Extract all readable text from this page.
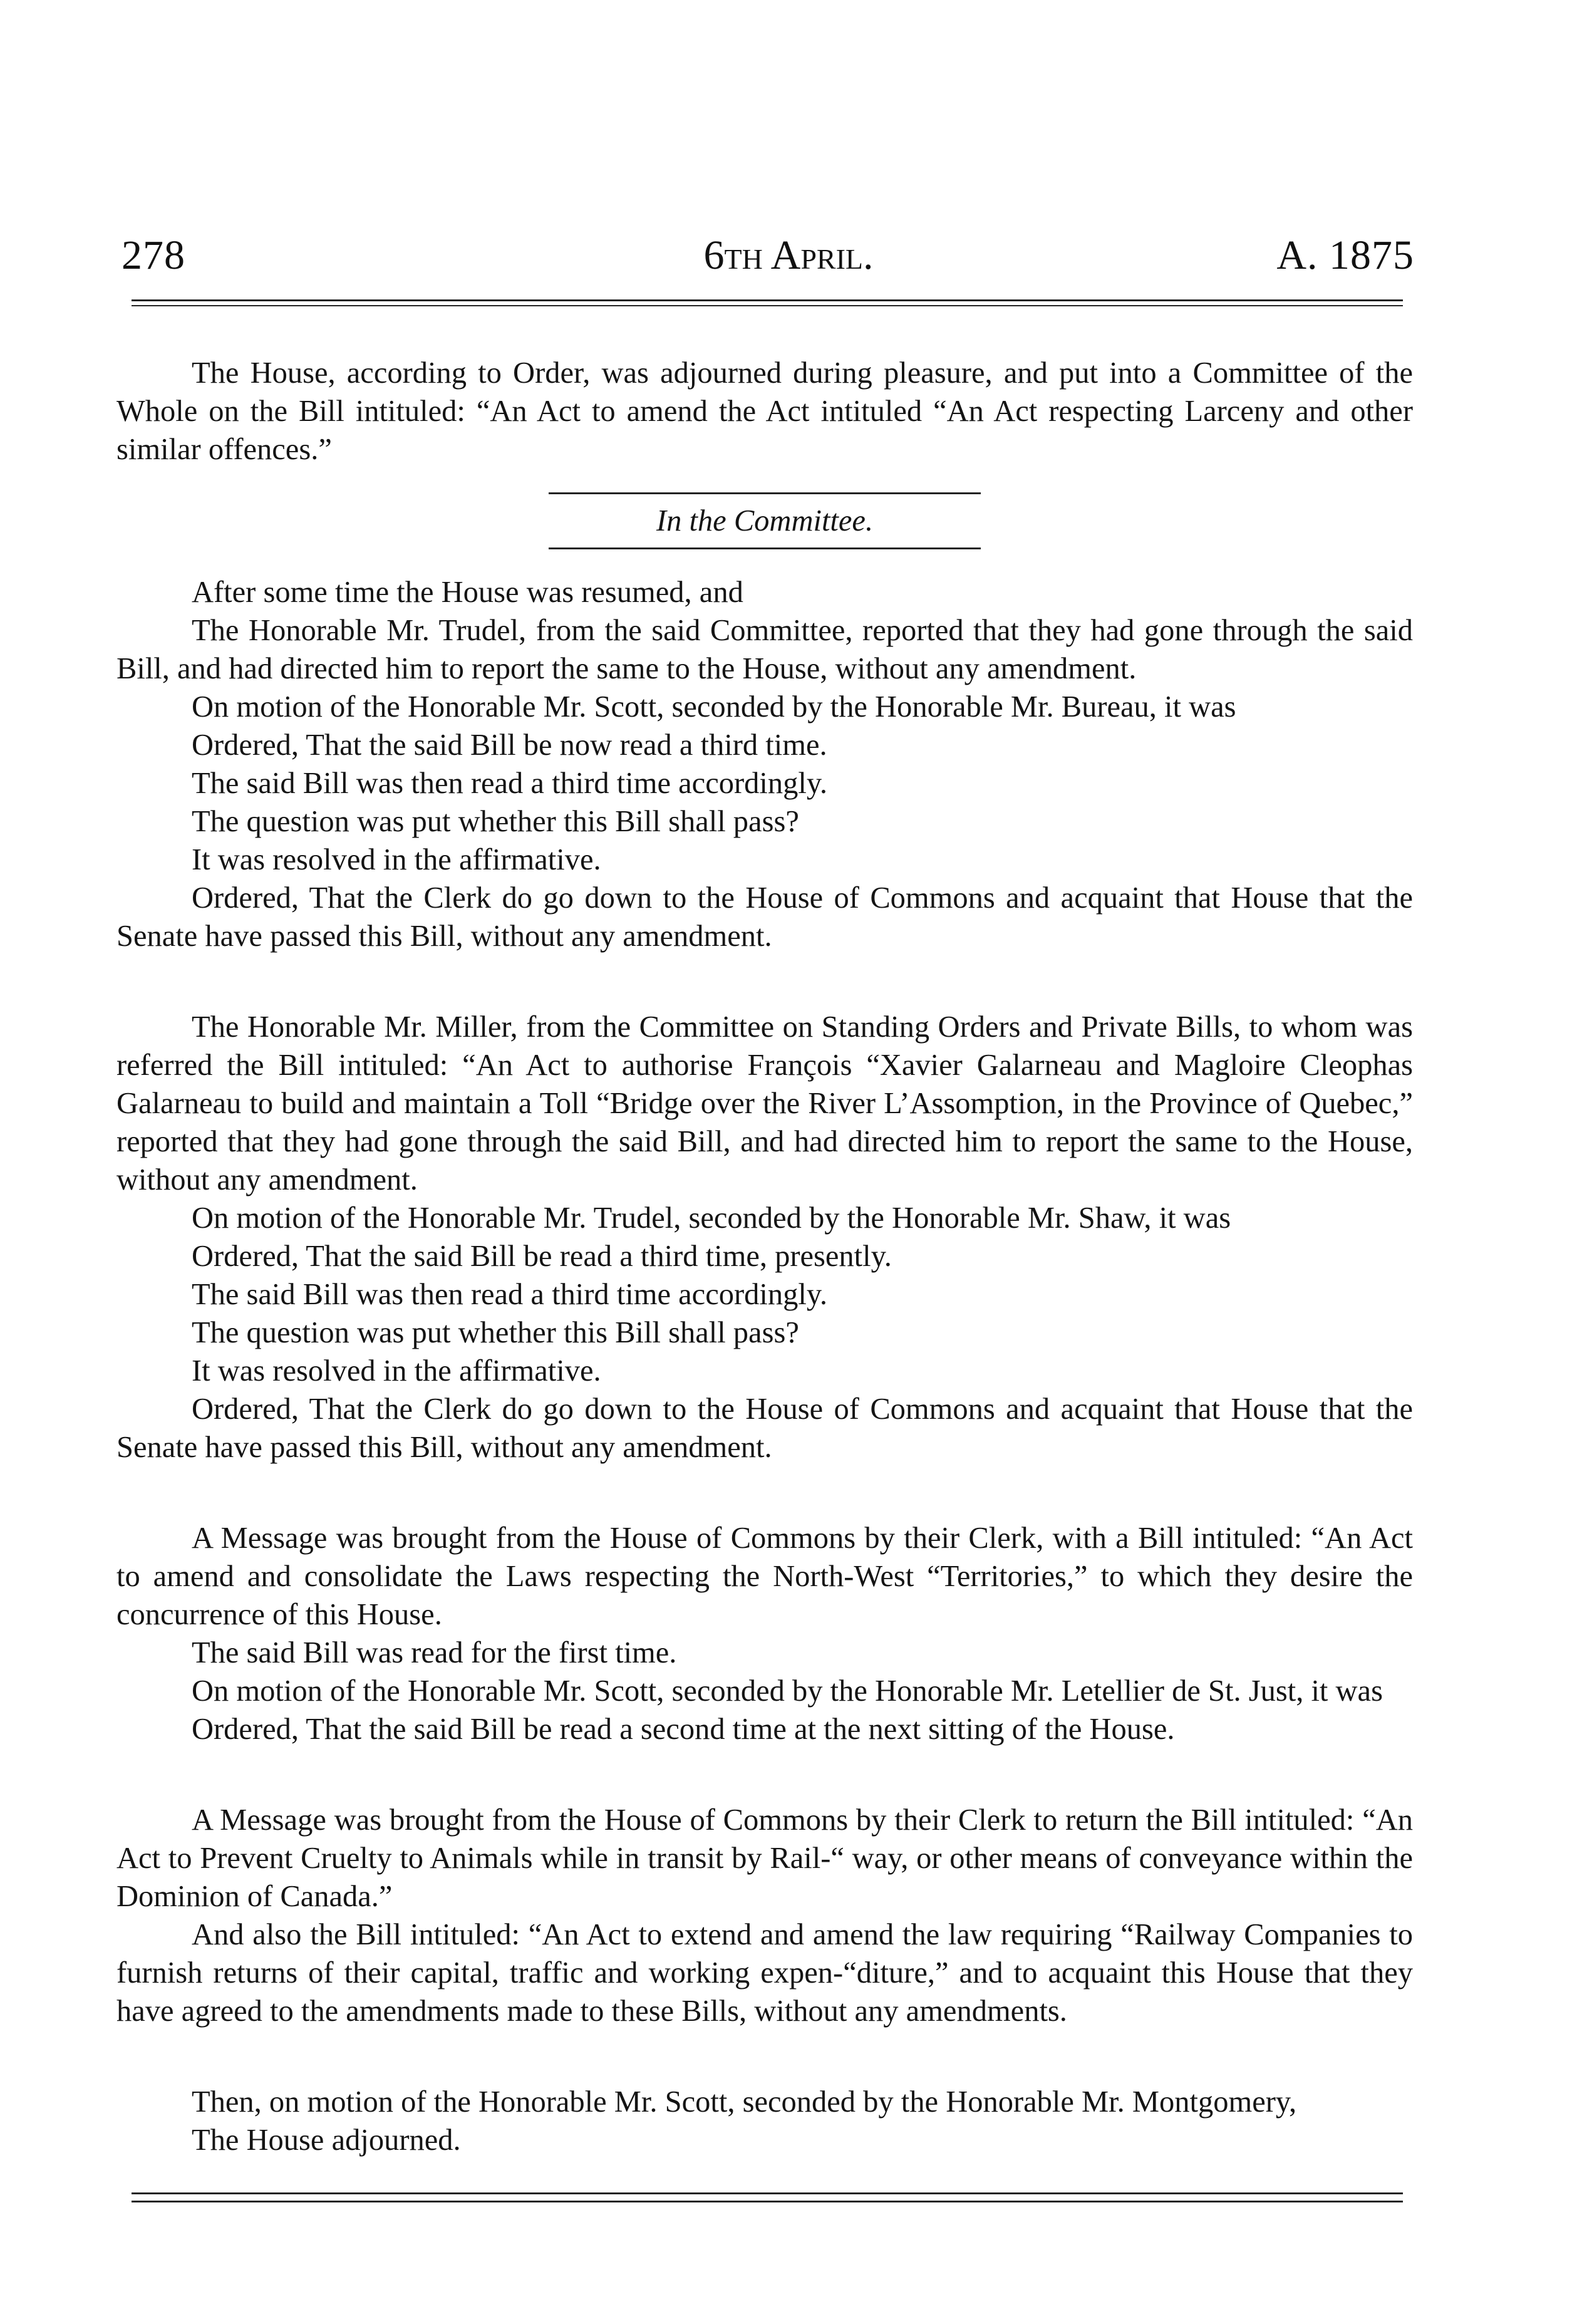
278	6th April.	A. 1875

The House, according to Order, was adjourned during pleasure, and put into a Committee of the Whole on the Bill intituled: “An Act to amend the Act intituled “An Act respecting Larceny and other similar offences.”

In the Committee.

After some time the House was resumed, and

The Honorable Mr. Trudel, from the said Committee, reported that they had gone through the said Bill, and had directed him to report the same to the House, without any amendment.

On motion of the Honorable Mr. Scott, seconded by the Honorable Mr. Bureau, it was

Ordered, That the said Bill be now read a third time.

The said Bill was then read a third time accordingly.

The question was put whether this Bill shall pass?

It was resolved in the affirmative.

Ordered, That the Clerk do go down to the House of Commons and acquaint that House that the Senate have passed this Bill, without any amendment.

The Honorable Mr. Miller, from the Committee on Standing Orders and Private Bills, to whom was referred the Bill intituled: “An Act to authorise François “Xavier Galarneau and Magloire Cleophas Galarneau to build and maintain a Toll “Bridge over the River L’Assomption, in the Province of Quebec,” reported that they had gone through the said Bill, and had directed him to report the same to the House, without any amendment.

On motion of the Honorable Mr. Trudel, seconded by the Honorable Mr. Shaw, it was

Ordered, That the said Bill be read a third time, presently.

The said Bill was then read a third time accordingly.

The question was put whether this Bill shall pass?

It was resolved in the affirmative.

Ordered, That the Clerk do go down to the House of Commons and acquaint that House that the Senate have passed this Bill, without any amendment.

A Message was brought from the House of Commons by their Clerk, with a Bill intituled: “An Act to amend and consolidate the Laws respecting the North-West “Territories,” to which they desire the concurrence of this House.

The said Bill was read for the first time.

On motion of the Honorable Mr. Scott, seconded by the Honorable Mr. Letellier de St. Just, it was

Ordered, That the said Bill be read a second time at the next sitting of the House.

A Message was brought from the House of Commons by their Clerk to return the Bill intituled: “An Act to Prevent Cruelty to Animals while in transit by Rail-“ way, or other means of conveyance within the Dominion of Canada.”

And also the Bill intituled: “An Act to extend and amend the law requiring “Railway Companies to furnish returns of their capital, traffic and working expen-“diture,” and to acquaint this House that they have agreed to the amendments made to these Bills, without any amendments.

Then, on motion of the Honorable Mr. Scott, seconded by the Honorable Mr. Montgomery,

The House adjourned.
